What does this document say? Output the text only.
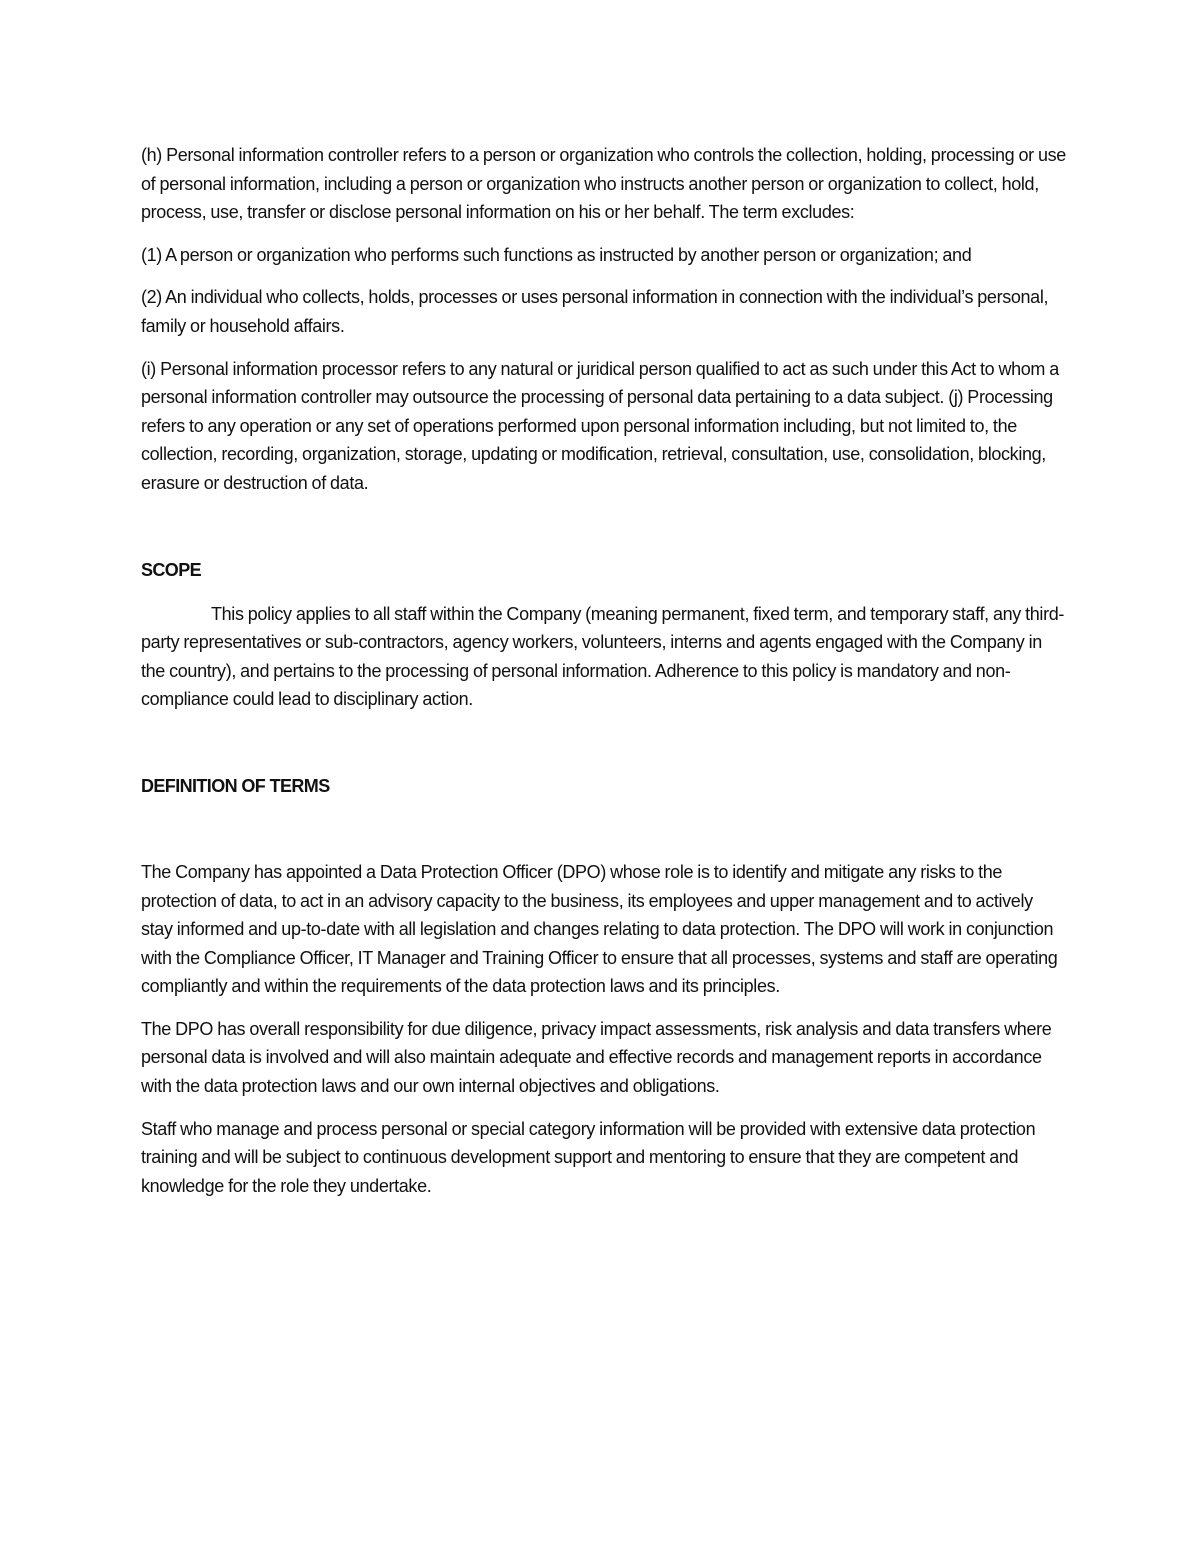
(h) Personal information controller refers to a person or organization who controls the collection, holding, processing or use of personal information, including a person or organization who instructs another person or organization to collect, hold, process, use, transfer or disclose personal information on his or her behalf. The term excludes:

(1) A person or organization who performs such functions as instructed by another person or organization; and

(2) An individual who collects, holds, processes or uses personal information in connection with the individual’s personal, family or household affairs.

(i) Personal information processor refers to any natural or juridical person qualified to act as such under this Act to whom a personal information controller may outsource the processing of personal data pertaining to a data subject. (j) Processing refers to any operation or any set of operations performed upon personal information including, but not limited to, the collection, recording, organization, storage, updating or modification, retrieval, consultation, use, consolidation, blocking, erasure or destruction of data.

SCOPE

This policy applies to all staff within the Company (meaning permanent, fixed term, and temporary staff, any third-party representatives or sub-contractors, agency workers, volunteers, interns and agents engaged with the Company in the country), and pertains to the processing of personal information. Adherence to this policy is mandatory and non-compliance could lead to disciplinary action.

DEFINITION OF TERMS

The Company has appointed a Data Protection Officer (DPO) whose role is to identify and mitigate any risks to the protection of data, to act in an advisory capacity to the business, its employees and upper management and to actively stay informed and up-to-date with all legislation and changes relating to data protection. The DPO will work in conjunction with the Compliance Officer, IT Manager and Training Officer to ensure that all processes, systems and staff are operating compliantly and within the requirements of the data protection laws and its principles.

The DPO has overall responsibility for due diligence, privacy impact assessments, risk analysis and data transfers where personal data is involved and will also maintain adequate and effective records and management reports in accordance with the data protection laws and our own internal objectives and obligations.

Staff who manage and process personal or special category information will be provided with extensive data protection training and will be subject to continuous development support and mentoring to ensure that they are competent and knowledge for the role they undertake.
